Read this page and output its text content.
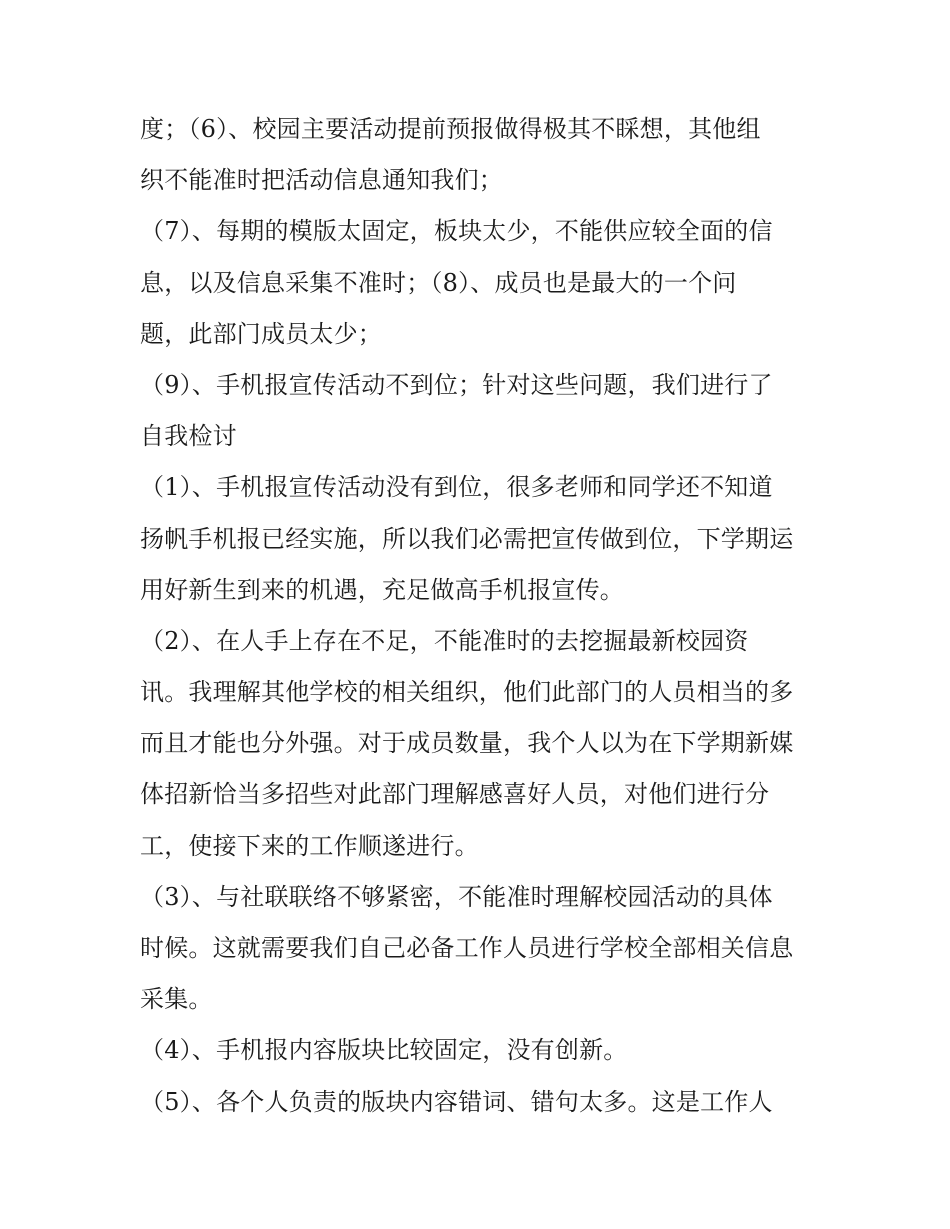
度；（6）、校园主要活动提前预报做得极其不睬想，其他组
织不能准时把活动信息通知我们；
（7）、每期的模版太固定，板块太少，不能供应较全面的信
息，以及信息采集不准时；（8）、成员也是最大的一个问
题，此部门成员太少；
（9）、手机报宣传活动不到位；针对这些问题，我们进行了
自我检讨
（1）、手机报宣传活动没有到位，很多老师和同学还不知道
扬帆手机报已经实施，所以我们必需把宣传做到位，下学期运
用好新生到来的机遇，充足做高手机报宣传。
（2）、在人手上存在不足，不能准时的去挖掘最新校园资
讯。我理解其他学校的相关组织，他们此部门的人员相当的多
而且才能也分外强。对于成员数量，我个人以为在下学期新媒
体招新恰当多招些对此部门理解感喜好人员，对他们进行分
工，使接下来的工作顺遂进行。
（3）、与社联联络不够紧密，不能准时理解校园活动的具体
时候。这就需要我们自己必备工作人员进行学校全部相关信息
采集。
（4）、手机报内容版块比较固定，没有创新。
（5）、各个人负责的版块内容错词、错句太多。这是工作人
